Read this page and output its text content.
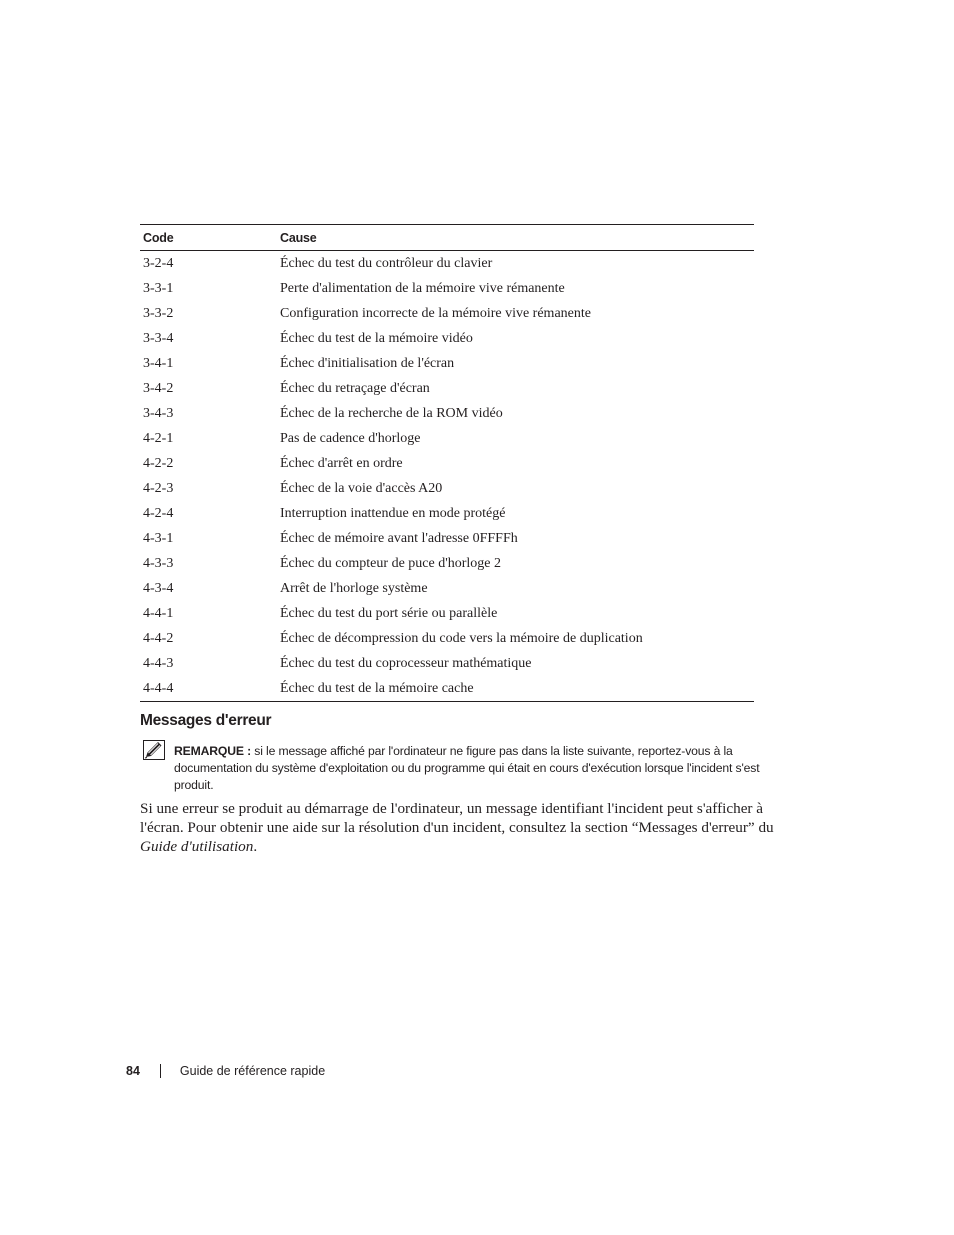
Code	Cause
3-2-4	Échec du test du contrôleur du clavier
3-3-1	Perte d'alimentation de la mémoire vive rémanente
3-3-2	Configuration incorrecte de la mémoire vive rémanente
3-3-4	Échec du test de la mémoire vidéo
3-4-1	Échec d'initialisation de l'écran
3-4-2	Échec du retraçage d'écran
3-4-3	Échec de la recherche de la ROM vidéo
4-2-1	Pas de cadence d'horloge
4-2-2	Échec d'arrêt en ordre
4-2-3	Échec de la voie d'accès A20
4-2-4	Interruption inattendue en mode protégé
4-3-1	Échec de mémoire avant l'adresse 0FFFFh
4-3-3	Échec du compteur de puce d'horloge 2
4-3-4	Arrêt de l'horloge système
4-4-1	Échec du test du port série ou parallèle
4-4-2	Échec de décompression du code vers la mémoire de duplication
4-4-3	Échec du test du coprocesseur mathématique
4-4-4	Échec du test de la mémoire cache
Messages d'erreur
REMARQUE : si le message affiché par l'ordinateur ne figure pas dans la liste suivante, reportez-vous à la documentation du système d'exploitation ou du programme qui était en cours d'exécution lorsque l'incident s'est produit.

Si une erreur se produit au démarrage de l'ordinateur, un message identifiant l'incident peut s'afficher à l'écran. Pour obtenir une aide sur la résolution d'un incident, consultez la section “Messages d'erreur” du Guide d'utilisation.

84	Guide de référence rapide
